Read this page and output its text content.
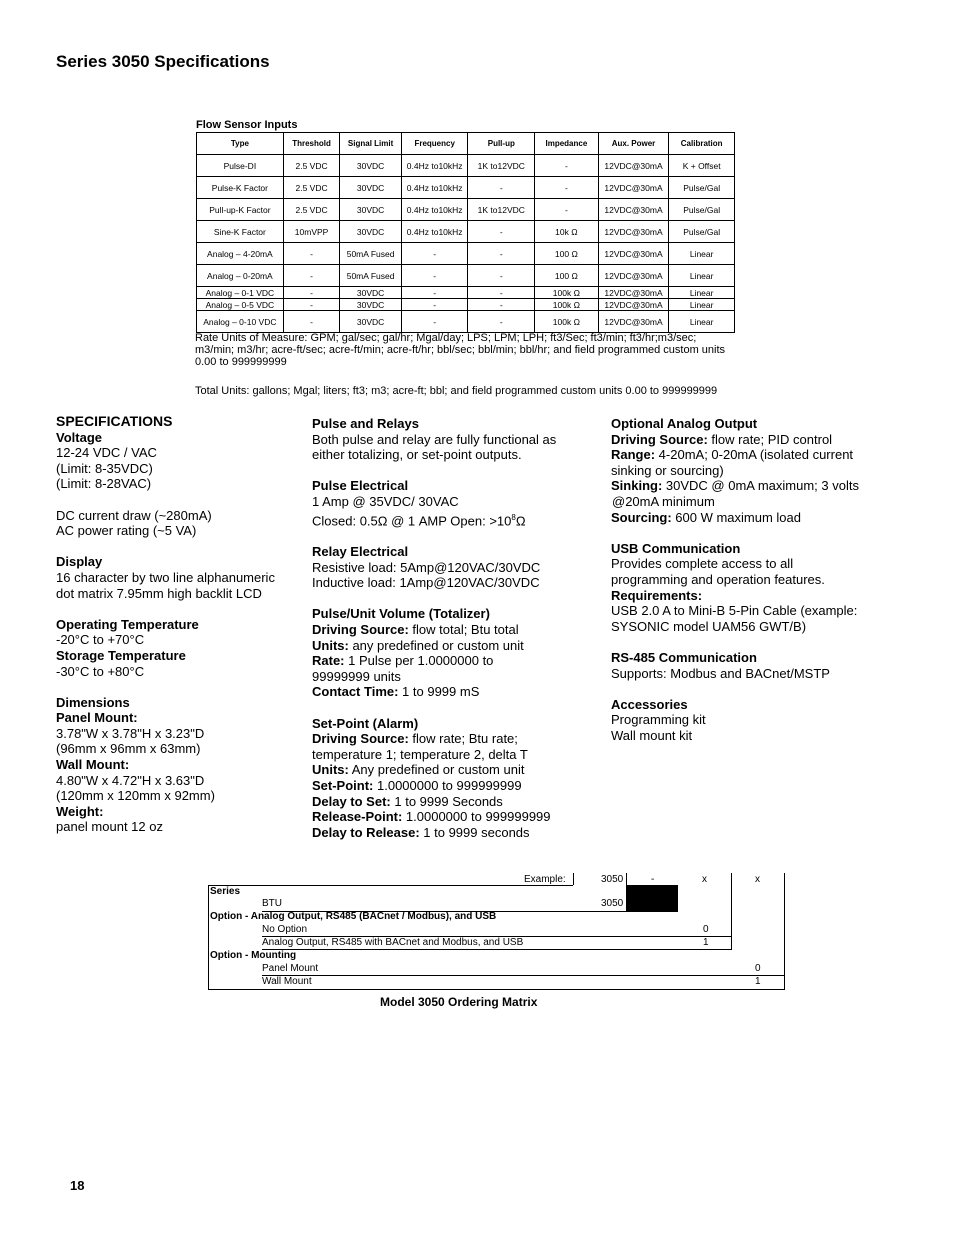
Series 3050 Specifications
Flow Sensor Inputs
Type	Threshold	Signal Limit	Frequency	Pull-up	Impedance	Aux. Power	Calibration
Pulse-DI	2.5 VDC	30VDC	0.4Hz to10kHz	1K to12VDC	-	12VDC@30mA	K + Offset
Pulse-K Factor	2.5 VDC	30VDC	0.4Hz to10kHz	-	-	12VDC@30mA	Pulse/Gal
Pull-up-K Factor	2.5 VDC	30VDC	0.4Hz to10kHz	1K to12VDC	-	12VDC@30mA	Pulse/Gal
Sine-K Factor	10mVPP	30VDC	0.4Hz to10kHz	-	10k Ω	12VDC@30mA	Pulse/Gal
Analog – 4-20mA	-	50mA Fused	-	-	100 Ω	12VDC@30mA	Linear
Analog – 0-20mA	-	50mA Fused	-	-	100 Ω	12VDC@30mA	Linear
Analog – 0-1 VDC	-	30VDC	-	-	100k Ω	12VDC@30mA	Linear
Analog – 0-5 VDC	-	30VDC	-	-	100k Ω	12VDC@30mA	Linear
Analog – 0-10 VDC	-	30VDC	-	-	100k Ω	12VDC@30mA	Linear

Rate Units of Measure: GPM; gal/sec; gal/hr; Mgal/day; LPS; LPM; LPH; ft3/Sec; ft3/min; ft3/hr;m3/sec; m3/min; m3/hr; acre-ft/sec; acre-ft/min; acre-ft/hr; bbl/sec; bbl/min; bbl/hr; and field programmed custom units 0.00 to 999999999

Total Units: gallons; Mgal; liters; ft3; m3; acre-ft; bbl; and field programmed custom units 0.00 to 999999999

SPECIFICATIONS

Voltage

12-24 VDC / VAC

(Limit: 8-35VDC)

(Limit: 8-28VAC)

DC current draw (~280mA)

AC power rating (~5 VA)

Display

16 character by two line alphanumeric

dot matrix 7.95mm high backlit LCD

Operating Temperature

-20°C to +70°C

Storage Temperature

-30°C to +80°C

Dimensions

Panel Mount:

3.78"W x 3.78"H x 3.23"D

(96mm x 96mm x 63mm)

Wall Mount:

4.80"W x 4.72"H x 3.63"D

(120mm x 120mm x 92mm)

Weight:

panel mount 12 oz

Pulse and Relays

Both pulse and relay are fully functional as

either totalizing, or set-point outputs.

Pulse Electrical

1 Amp @ 35VDC/ 30VAC

Closed: 0.5Ω @ 1 AMP Open: $>10^8\Omega$

Relay Electrical

Resistive load: 5Amp@120VAC/30VDC

Inductive load: 1Amp@120VAC/30VDC

Pulse/Unit Volume (Totalizer)

Driving Source: flow total; Btu total

Units: any predefined or custom unit

Rate: 1 Pulse per 1.0000000 to

99999999 units

Contact Time: 1 to 9999 mS

Set-Point (Alarm)

Driving Source: flow rate; Btu rate;

temperature 1; temperature 2, delta T

Units: Any predefined or custom unit

Set-Point: 1.0000000 to 999999999

Delay to Set: 1 to 9999 Seconds

Release-Point: 1.0000000 to 999999999

Delay to Release: 1 to 9999 seconds

Optional Analog Output

Driving Source: flow rate; PID control

Range: 4-20mA; 0-20mA (isolated current

sinking or sourcing)

Sinking: 30VDC @ 0mA maximum; 3 volts

@20mA minimum

Sourcing: 600 W maximum load

USB Communication

Provides complete access to all

programming and operation features.

Requirements:

USB 2.0 A to Mini-B 5-Pin Cable (example:

SYSONIC model UAM56 GWT/B)

RS-485 Communication

Supports: Modbus and BACnet/MSTP

Accessories

Programming kit

Wall mount kit

Example:	3050	-	x	x
Series
BTU	3050
Option - Analog Output, RS485 (BACnet / Modbus), and USB
No Option	0
Analog Output, RS485 with BACnet and Modbus, and USB	1
Option - Mounting
Panel Mount	0
Wall Mount	1
Model 3050 Ordering Matrix
18
